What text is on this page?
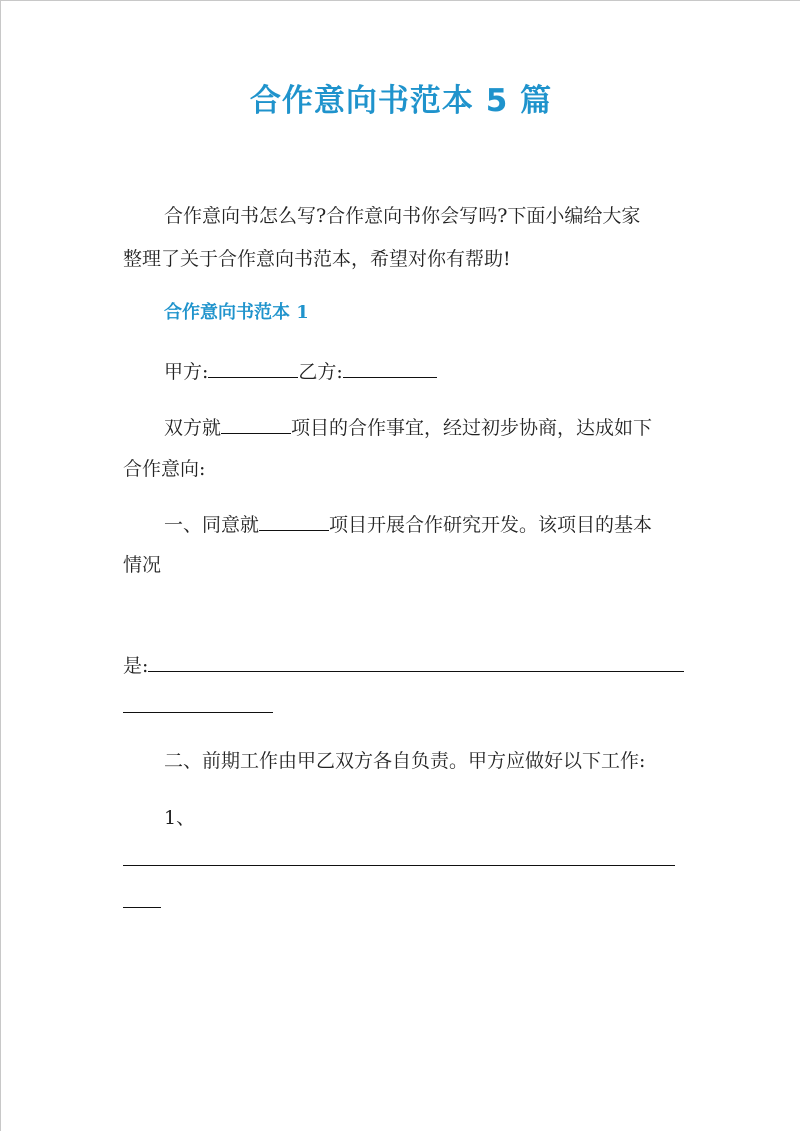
合作意向书范本 5 篇
合作意向书怎么写?合作意向书你会写吗?下面小编给大家
整理了关于合作意向书范本，希望对你有帮助!
合作意向书范本 1
甲方:	乙方:
双方就	项目的合作事宜，经过初步协商，达成如下
合作意向:
一、同意就	项目开展合作研究开发。该项目的基本
情况
是:
二、前期工作由甲乙双方各自负责。甲方应做好以下工作:
1、
